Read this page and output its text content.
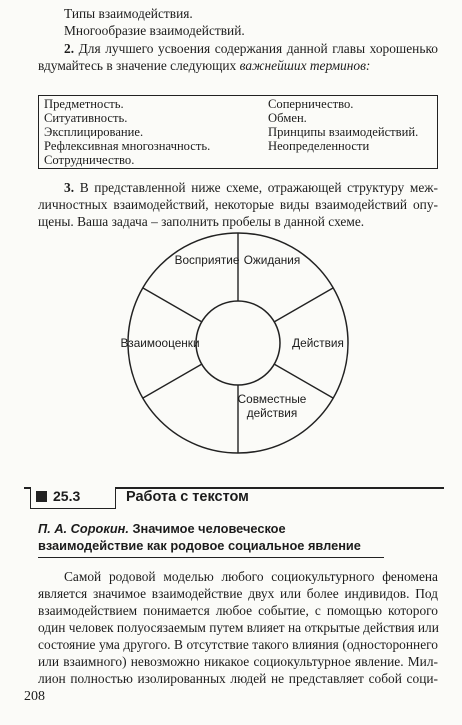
Типы взаимодействия.
Многообразие взаимодействий.
2. Для лучшего усвоения содержания данной главы хорошенько
вдумайтесь в значение следующих важнейших терминов:
Предметность.
Ситуативность.
Эксплицирование.
Рефлексивная многозначность.
Сотрудничество.
Соперничество.
Обмен.
Принципы взаимодействий.
Неопределенности
3. В представленной ниже схеме, отражающей структуру меж-
личностных взаимодействий, некоторые виды взаимодействий опу-
щены. Ваша задача – заполнить пробелы в данной схеме.
Восприятие Ожидания
Действия
Совместные
действия
Взаимооценки
25.3	Работа с текстом
П. А. Сорокин. Значимое человеческое
взаимодействие как родовое социальное явление
Самой родовой моделью любого социокультурного феномена
является значимое взаимодействие двух или более индивидов. Под
взаимодействием понимается любое событие, с помощью которого
один человек полуосязаемым путем влияет на открытые действия или
состояние ума другого. В отсутствие такого влияния (одностороннего
или взаимного) невозможно никакое социокультурное явление. Мил-
лион полностью изолированных людей не представляет собой соци-
208
